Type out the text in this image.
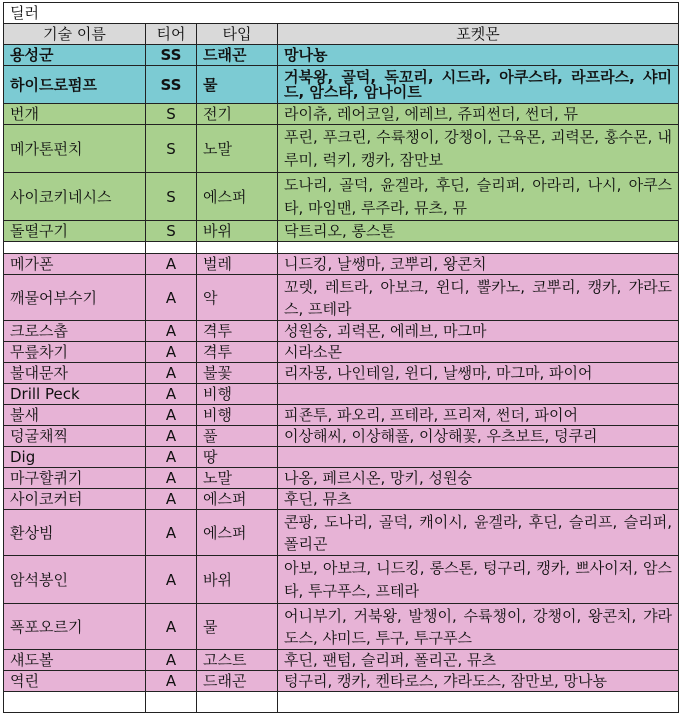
딜러			
기술 이름	티어	타입	포켓몬
용성군	SS	드래곤	망나뇽
하이드로펌프	SS	물	거북왕, 골덕, 독꼬리, 시드라, 아쿠스타, 라프라스, 샤미드, 암스타, 암나이트
번개	S	전기	라이츄, 레어코일, 에레브, 쥬피썬더, 썬더, 뮤
메가톤펀치	S	노말	푸린, 푸크린, 수륙챙이, 강챙이, 근육몬, 괴력몬, 홍수몬, 내루미, 럭키, 캥카, 잠만보
사이코키네시스	S	에스퍼	도나리, 골덕, 윤겔라, 후딘, 슬리퍼, 아라리, 나시, 아쿠스타, 마임맨, 루주라, 뮤츠, 뮤
돌떨구기	S	바위	닥트리오, 롱스톤

메가폰	A	벌레	니드킹, 날쌩마, 코뿌리, 왕콘치
깨물어부수기	A	악	꼬렛, 레트라, 아보크, 윈디, 뿔카노, 코뿌리, 캥카, 갸라도스, 프테라
크로스촙	A	격투	성원숭, 괴력몬, 에레브, 마그마
무릎차기	A	격투	시라소몬
불대문자	A	불꽃	리자몽, 나인테일, 윈디, 날쌩마, 마그마, 파이어
Drill Peck	A	비행	
불새	A	비행	피죤투, 파오리, 프테라, 프리져, 썬더, 파이어
덩굴채찍	A	풀	이상해씨, 이상해풀, 이상해꽃, 우츠보트, 덩쿠리
Dig	A	땅	
마구할퀴기	A	노말	나옹, 페르시온, 망키, 성원숭
사이코커터	A	에스퍼	후딘, 뮤츠
환상빔	A	에스퍼	콘팡, 도나리, 골덕, 캐이시, 윤겔라, 후딘, 슬리프, 슬리퍼, 폴리곤
암석봉인	A	바위	아보, 아보크, 니드킹, 롱스톤, 텅구리, 캥카, 쁘사이저, 암스타, 투구푸스, 프테라
폭포오르기	A	물	어니부기, 거북왕, 발챙이, 수륙챙이, 강챙이, 왕콘치, 갸라도스, 샤미드, 투구, 투구푸스
섀도볼	A	고스트	후딘, 팬텀, 슬리퍼, 폴리곤, 뮤츠
역린	A	드래곤	텅구리, 캥카, 켄타로스, 갸라도스, 잠만보, 망나뇽
